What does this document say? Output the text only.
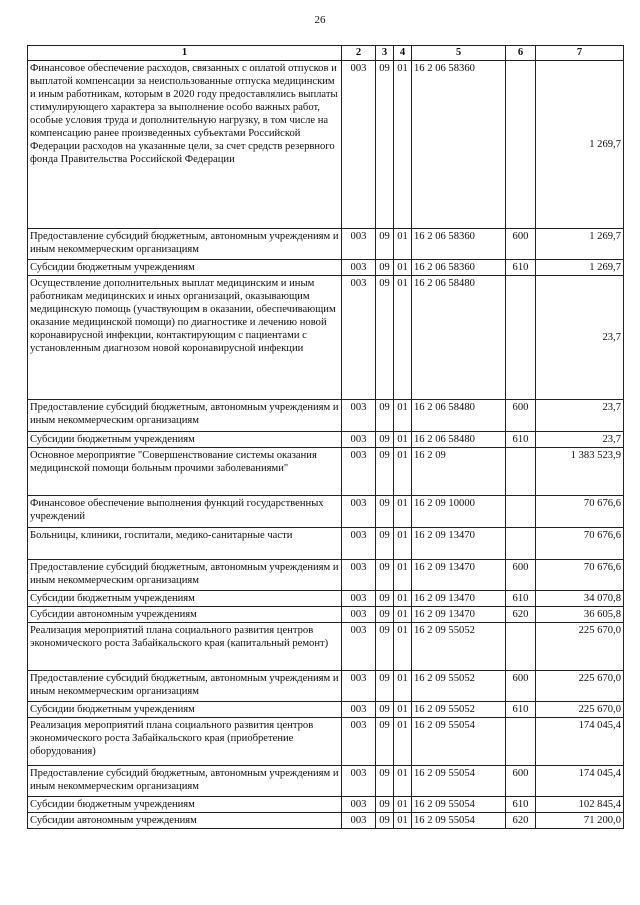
26
1	2	3	4	5	6	7
Финансовое обеспечение расходов, связанных с оплатой отпусков и выплатой компенсации за неиспользованные отпуска медицинским и иным работникам, которым в 2020 году предоставлялись выплаты стимулирующего характера за выполнение особо важных работ, особые условия труда и дополнительную нагрузку, в том числе на компенсацию ранее произведенных субъектами Российской Федерации расходов на указанные цели, за счет средств резервного фонда Правительства Российской Федерации	003	09	01	16 2 06 58360		1 269,7
Предоставление субсидий бюджетным, автономным учреждениям и иным некоммерческим организациям	003	09	01	16 2 06 58360	600	1 269,7
Субсидии бюджетным учреждениям	003	09	01	16 2 06 58360	610	1 269,7
Осуществление дополнительных выплат медицинским и иным работникам медицинских и иных организаций, оказывающим медицинскую помощь (участвующим в оказании, обеспечивающим оказание медицинской помощи) по диагностике и лечению новой коронавирусной инфекции, контактирующим с пациентами с установленным диагнозом новой коронавирусной инфекции	003	09	01	16 2 06 58480		23,7
Предоставление субсидий бюджетным, автономным учреждениям и иным некоммерческим организациям	003	09	01	16 2 06 58480	600	23,7
Субсидии бюджетным учреждениям	003	09	01	16 2 06 58480	610	23,7
Основное мероприятие "Совершенствование системы оказания медицинской помощи больным прочими заболеваниями"	003	09	01	16 2 09		1 383 523,9
Финансовое обеспечение выполнения функций государственных учреждений	003	09	01	16 2 09 10000		70 676,6
Больницы, клиники, госпитали, медико-санитарные части	003	09	01	16 2 09 13470		70 676,6
Предоставление субсидий бюджетным, автономным учреждениям и иным некоммерческим организациям	003	09	01	16 2 09 13470	600	70 676,6
Субсидии бюджетным учреждениям	003	09	01	16 2 09 13470	610	34 070,8
Субсидии автономным учреждениям	003	09	01	16 2 09 13470	620	36 605,8
Реализация мероприятий плана социального развития центров экономического роста Забайкальского края (капитальный ремонт)	003	09	01	16 2 09 55052		225 670,0
Предоставление субсидий бюджетным, автономным учреждениям и иным некоммерческим организациям	003	09	01	16 2 09 55052	600	225 670,0
Субсидии бюджетным учреждениям	003	09	01	16 2 09 55052	610	225 670,0
Реализация мероприятий плана социального развития центров экономического роста Забайкальского края (приобретение оборудования)	003	09	01	16 2 09 55054		174 045,4
Предоставление субсидий бюджетным, автономным учреждениям и иным некоммерческим организациям	003	09	01	16 2 09 55054	600	174 045,4
Субсидии бюджетным учреждениям	003	09	01	16 2 09 55054	610	102 845,4
Субсидии автономным учреждениям	003	09	01	16 2 09 55054	620	71 200,0
